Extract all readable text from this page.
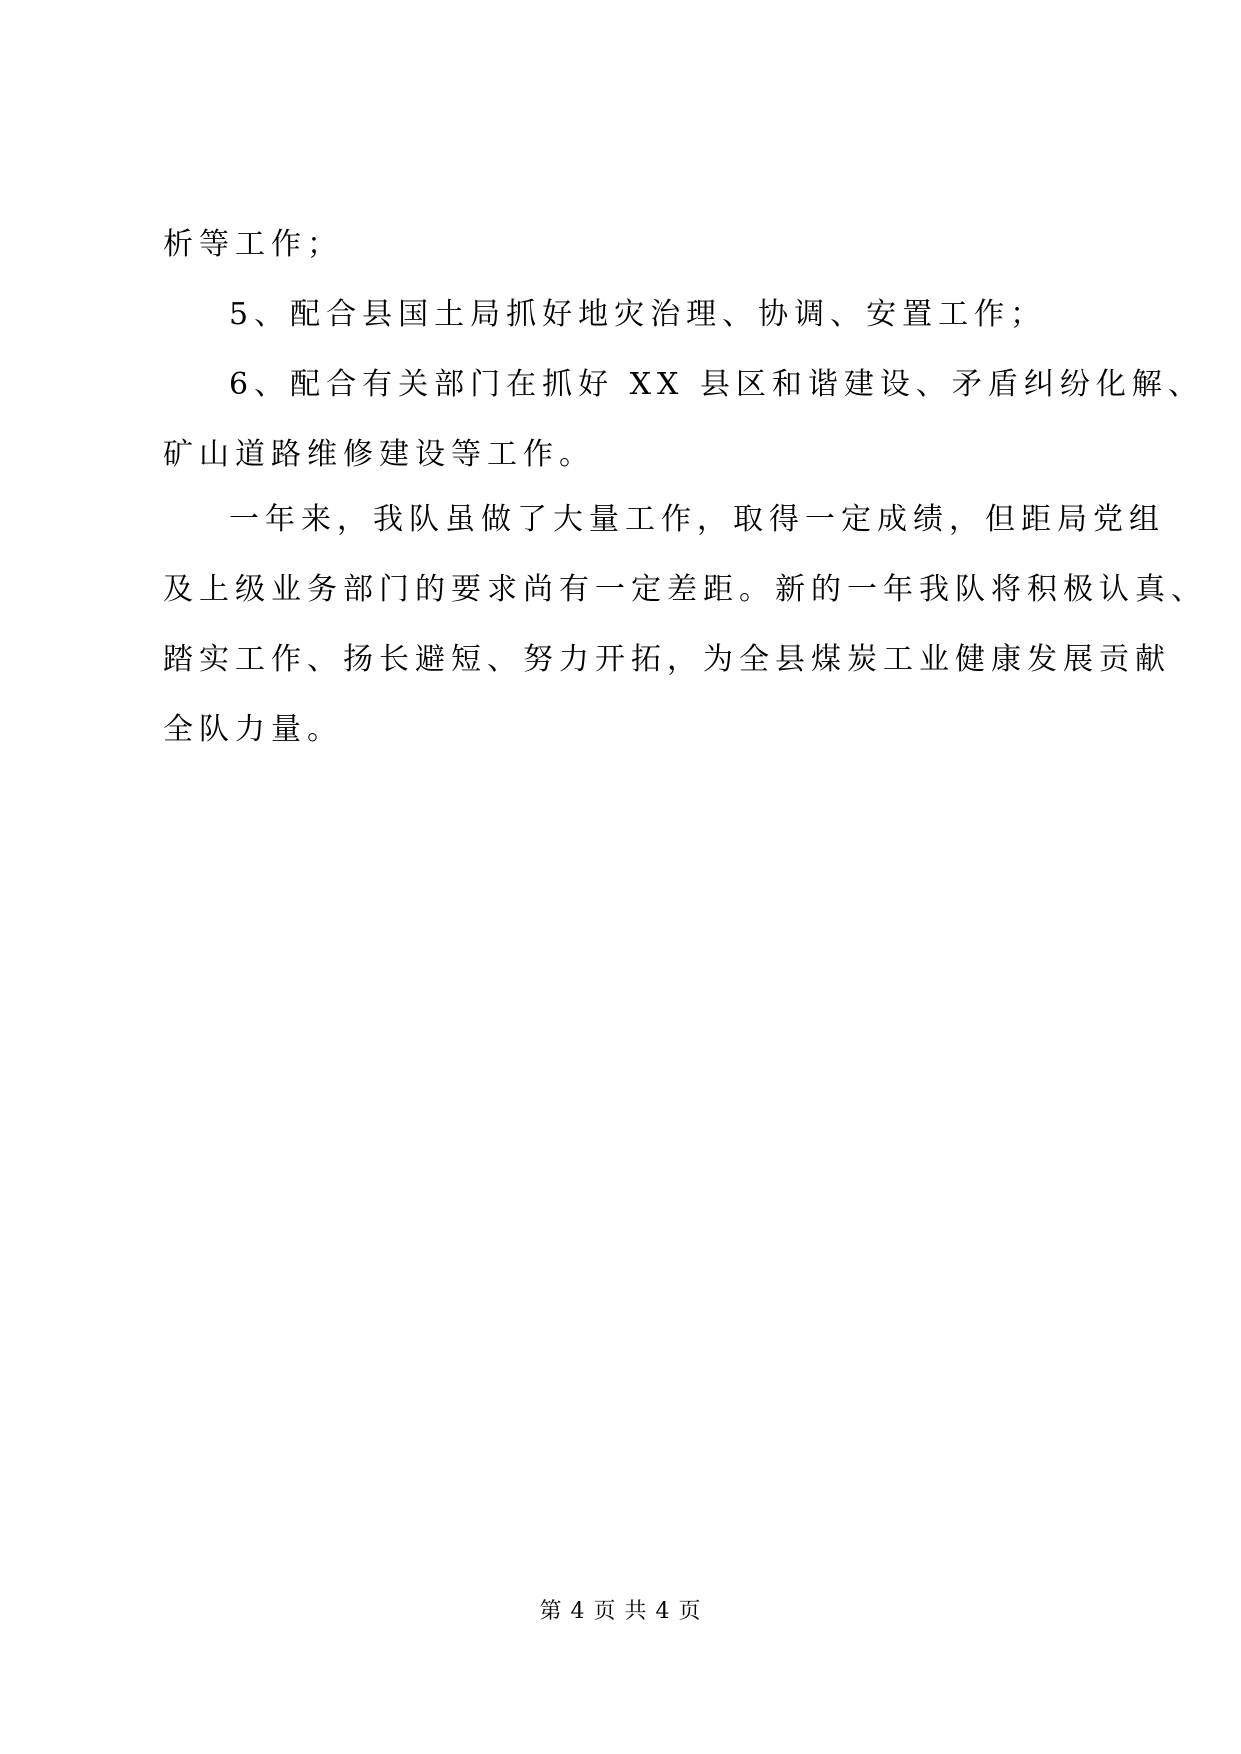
析等工作；

5、配合县国土局抓好地灾治理、协调、安置工作；

6、配合有关部门在抓好 XX 县区和谐建设、矛盾纠纷化解、

矿山道路维修建设等工作。

一年来，我队虽做了大量工作，取得一定成绩，但距局党组

及上级业务部门的要求尚有一定差距。新的一年我队将积极认真、

踏实工作、扬长避短、努力开拓，为全县煤炭工业健康发展贡献

全队力量。

第 4 页 共 4 页
